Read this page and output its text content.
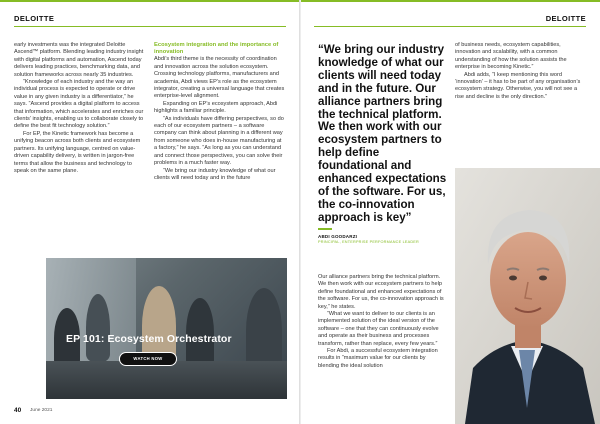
DELOITTE	DELOITTE

early investments was the integrated Deloitte Ascend™ platform. Blending leading industry insight with digital platforms and automation, Ascend today delivers leading practices, benchmarking data, and solution frameworks across nearly 35 industries.

“Knowledge of each industry and the way an individual process is expected to operate or drive value in any given industry is a differentiator,” he says. “Ascend provides a digital platform to access that information, which accelerates and enriches our clients’ insights, enabling us to collaborate closely to define the best fit technology solution.”

For EP, the Kinetic framework has become a unifying beacon across both clients and ecosystem partners. Its unifying language, centred on value-driven capability delivery, is written in jargon-free terms that allow the business and technology to speak on the same plane.

Ecosystem integration and the importance of innovation

Abdi’s third theme is the necessity of coordination and innovation across the solution ecosystem. Crossing technology platforms, manufacturers and academia, Abdi views EP’s role as the ecosystem integrator, creating a universal language that creates enterprise-level alignment.

Expanding on EP’s ecosystem approach, Abdi highlights a familiar principle.

“As individuals have differing perspectives, so do each of our ecosystem partners – a software company can think about planning in a different way from someone who does in-house manufacturing at a factory,” he says. “As long as you can understand and connect those perspectives, you can solve their problems in a much faster way.

“We bring our industry knowledge of what our clients will need today and in the future

EP 101: Ecosystem Orchestrator
WATCH NOW
“We bring our industry knowledge of what our clients will need today and in the future. Our alliance partners bring the technical platform. We then work with our ecosystem partners to help define foundational and enhanced expectations of the software. For us, the co-innovation approach is key”
ABDI GOODARZI
PRINCIPAL, ENTERPRISE PERFORMANCE LEADER

Our alliance partners bring the technical platform. We then work with our ecosystem partners to help define foundational and enhanced expectations of the software. For us, the co-innovation approach is key,” he states.

“What we want to deliver to our clients is an implemented solution of the ideal version of the software – one that they can continuously evolve and operate as their business and processes transform, rather than replace, every few years.”

For Abdi, a successful ecosystem integration results in “maximum value for our clients by blending the ideal solution

of business needs, ecosystem capabilities, innovation and scalability, with a common understanding of how the solution assists the enterprise in becoming Kinetic.”

Abdi adds, “I keep mentioning this word ‘innovation’ – it has to be part of any organisation’s ecosystem strategy. Otherwise, you will not see a rise and decline is the only direction.”

40 June 2021
